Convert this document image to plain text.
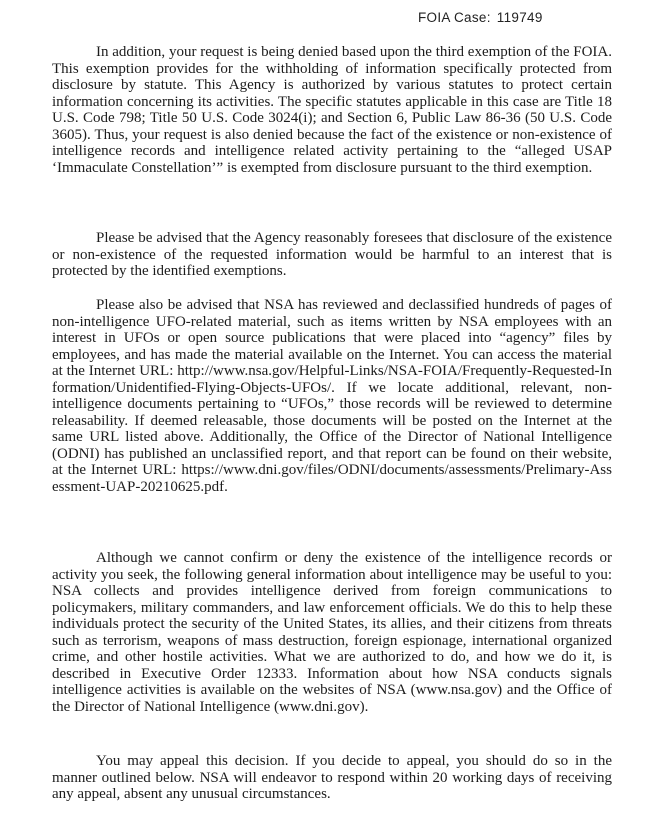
FOIA Case: 119749

In addition, your request is being denied based upon the third exemption of the FOIA. This exemption provides for the withholding of information specifically protected from disclosure by statute. This Agency is authorized by various statutes to protect certain information concerning its activities. The specific statutes applicable in this case are Title 18 U.S. Code 798; Title 50 U.S. Code 3024(i); and Section 6, Public Law 86-36 (50 U.S. Code 3605). Thus, your request is also denied because the fact of the existence or non-existence of intelligence records and intelligence related activity pertaining to the “alleged USAP ‘Immaculate Constellation’” is exempted from disclosure pursuant to the third exemption.

Please be advised that the Agency reasonably foresees that disclosure of the existence or non-existence of the requested information would be harmful to an interest that is protected by the identified exemptions.

Please also be advised that NSA has reviewed and declassified hundreds of pages of non-intelligence UFO-related material, such as items written by NSA employees with an interest in UFOs or open source publications that were placed into “agency” files by employees, and has made the material available on the Internet. You can access the material at the Internet URL: http://www.nsa.gov/Helpful-Links/NSA-FOIA/Frequently-Requested-Information/Unidentified-Flying-Objects-UFOs/. If we locate additional, relevant, non-intelligence documents pertaining to “UFOs,” those records will be reviewed to determine releasability. If deemed releasable, those documents will be posted on the Internet at the same URL listed above. Additionally, the Office of the Director of National Intelligence (ODNI) has published an unclassified report, and that report can be found on their website, at the Internet URL: https://www.dni.gov/files/ODNI/documents/assessments/Prelimary-Assessment-UAP-20210625.pdf.

Although we cannot confirm or deny the existence of the intelligence records or activity you seek, the following general information about intelligence may be useful to you: NSA collects and provides intelligence derived from foreign communications to policymakers, military commanders, and law enforcement officials. We do this to help these individuals protect the security of the United States, its allies, and their citizens from threats such as terrorism, weapons of mass destruction, foreign espionage, international organized crime, and other hostile activities. What we are authorized to do, and how we do it, is described in Executive Order 12333. Information about how NSA conducts signals intelligence activities is available on the websites of NSA (www.nsa.gov) and the Office of the Director of National Intelligence (www.dni.gov).

You may appeal this decision. If you decide to appeal, you should do so in the manner outlined below. NSA will endeavor to respond within 20 working days of receiving any appeal, absent any unusual circumstances.
